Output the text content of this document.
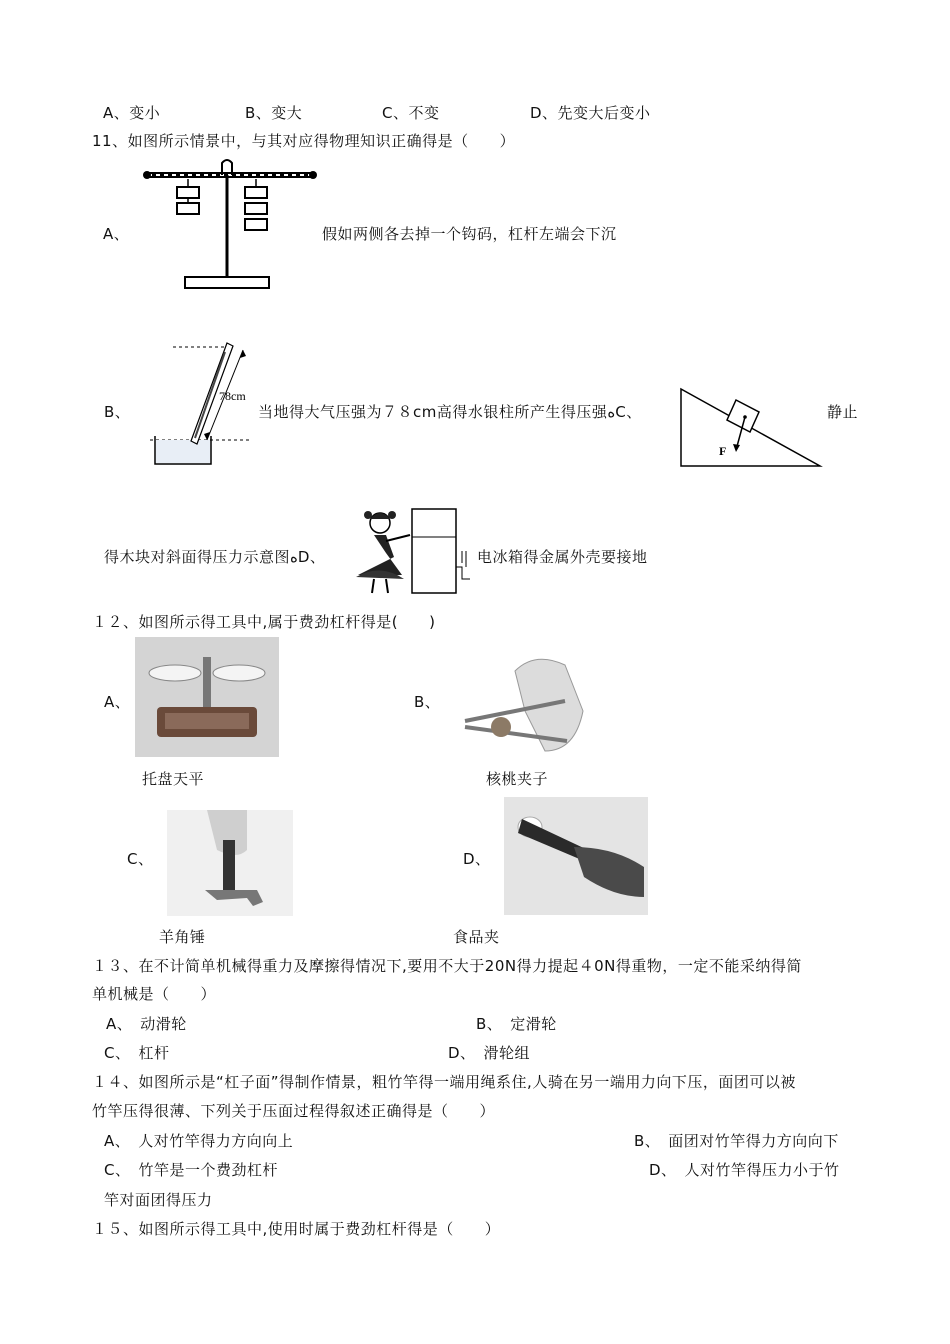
A、变小	B、变大	C、不变	D、先变大后变小
11、如图所示情景中，与其对应得物理知识正确得是（　　）
A、	假如两侧各去掉一个钩码，杠杆左端会下沉
78cm
B、	当地得大气压强为７８cm高得水银柱所产生得压强ﻩC、
F
静止
得木块对斜面得压力示意图ﻩD、	电冰箱得金属外壳要接地
１２、如图所示得工具中,属于费劲杠杆得是(　　)
A、
托盘天平
B、
核桃夹子
C、
羊角锤
D、
食品夹
１３、在不计简单机械得重力及摩擦得情况下,要用不大于20N得力提起４0N得重物，一定不能采纳得简
单机械是（　　）
A、　动滑轮	B、　定滑轮
C、　杠杆	D、　滑轮组
１４、如图所示是“杠子面”得制作情景，粗竹竿得一端用绳系住,人骑在另一端用力向下压，面团可以被
竹竿压得很薄、下列关于压面过程得叙述正确得是（　　）
A、　人对竹竿得力方向向上	B、　面团对竹竿得力方向向下
C、　竹竿是一个费劲杠杆	D、　人对竹竿得压力小于竹
竿对面团得压力
１５、如图所示得工具中,使用时属于费劲杠杆得是（　　）
